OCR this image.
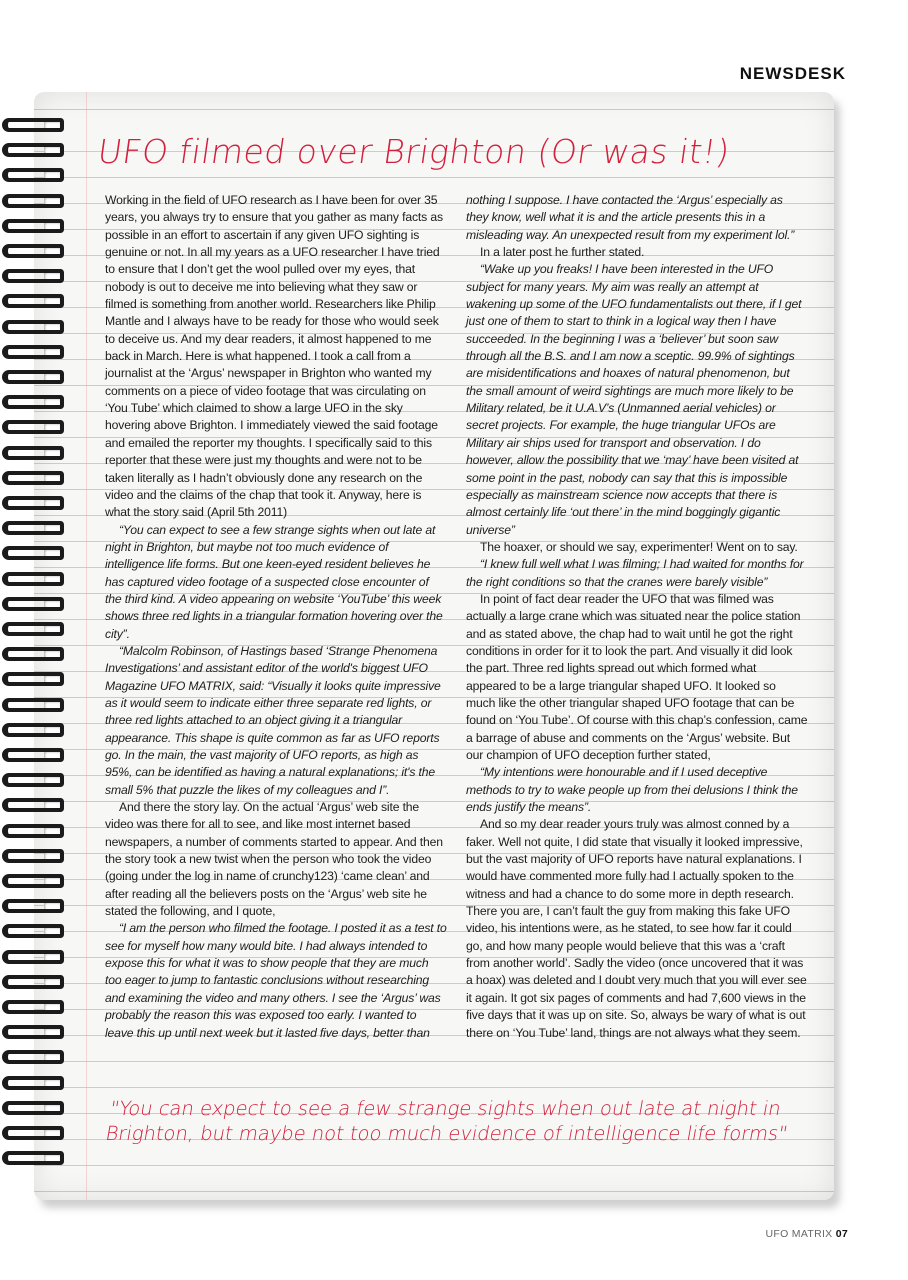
NEWSDESK
UFO filmed over Brighton (Or was it!)

Working in the field of UFO research as I have been for over 35 years, you always try to ensure that you gather as many facts as possible in an effort to ascertain if any given UFO sighting is genuine or not. In all my years as a UFO researcher I have tried to ensure that I don’t get the wool pulled over my eyes, that nobody is out to deceive me into believing what they saw or filmed is something from another world. Researchers like Philip Mantle and I always have to be ready for those who would seek to deceive us. And my dear readers, it almost happened to me back in March. Here is what happened. I took a call from a journalist at the ‘Argus’ newspaper in Brighton who wanted my comments on a piece of video footage that was circulating on ‘You Tube’ which claimed to show a large UFO in the sky hovering above Brighton. I immediately viewed the said footage and emailed the reporter my thoughts. I specifically said to this reporter that these were just my thoughts and were not to be taken literally as I hadn’t obviously done any research on the video and the claims of the chap that took it. Anyway, here is what the story said (April 5th 2011)

“You can expect to see a few strange sights when out late at night in Brighton, but maybe not too much evidence of intelligence life forms. But one keen-eyed resident believes he has captured video footage of a suspected close encounter of the third kind. A video appearing on website ‘YouTube’ this week shows three red lights in a triangular formation hovering over the city”.

“Malcolm Robinson, of Hastings based ‘Strange Phenomena Investigations’ and assistant editor of the world's biggest UFO Magazine UFO MATRIX, said: “Visually it looks quite impressive as it would seem to indicate either three separate red lights, or three red lights attached to an object giving it a triangular appearance. This shape is quite common as far as UFO reports go. In the main, the vast majority of UFO reports, as high as 95%, can be identified as having a natural explanations; it's the small 5% that puzzle the likes of my colleagues and I”.

And there the story lay. On the actual ‘Argus’ web site the video was there for all to see, and like most internet based newspapers, a number of comments started to appear. And then the story took a new twist when the person who took the video (going under the log in name of crunchy123) ‘came clean’ and after reading all the believers posts on the ‘Argus’ web site he stated the following, and I quote,

“I am the person who filmed the footage. I posted it as a test to see for myself how many would bite. I had always intended to expose this for what it was to show people that they are much too eager to jump to fantastic conclusions without researching and examining the video and many others. I see the ‘Argus’ was probably the reason this was exposed too early. I wanted to leave this up until next week but it lasted five days, better than

nothing I suppose. I have contacted the ‘Argus’ especially as they know, well what it is and the article presents this in a misleading way. An unexpected result from my experiment lol.”

In a later post he further stated.

“Wake up you freaks! I have been interested in the UFO subject for many years. My aim was really an attempt at wakening up some of the UFO fundamentalists out there, if I get just one of them to start to think in a logical way then I have succeeded. In the beginning I was a ‘believer’ but soon saw through all the B.S. and I am now a sceptic. 99.9% of sightings are misidentifications and hoaxes of natural phenomenon, but the small amount of weird sightings are much more likely to be Military related, be it U.A.V’s (Unmanned aerial vehicles) or secret projects. For example, the huge triangular UFOs are Military air ships used for transport and observation. I do however, allow the possibility that we ‘may’ have been visited at some point in the past, nobody can say that this is impossible especially as mainstream science now accepts that there is almost certainly life ‘out there’ in the mind boggingly gigantic universe”

The hoaxer, or should we say, experimenter! Went on to say.

“I knew full well what I was filming; I had waited for months for the right conditions so that the cranes were barely visible”

In point of fact dear reader the UFO that was filmed was actually a large crane which was situated near the police station and as stated above, the chap had to wait until he got the right conditions in order for it to look the part. And visually it did look the part. Three red lights spread out which formed what appeared to be a large triangular shaped UFO. It looked so much like the other triangular shaped UFO footage that can be found on ‘You Tube’. Of course with this chap’s confession, came a barrage of abuse and comments on the ‘Argus’ website. But our champion of UFO deception further stated,

“My intentions were honourable and if I used deceptive methods to try to wake people up from thei delusions I think the ends justify the means”.

And so my dear reader yours truly was almost conned by a faker. Well not quite, I did state that visually it looked impressive, but the vast majority of UFO reports have natural explanations. I would have commented more fully had I actually spoken to the witness and had a chance to do some more in depth research. There you are, I can’t fault the guy from making this fake UFO video, his intentions were, as he stated, to see how far it could go, and how many people would believe that this was a ‘craft from another world’. Sadly the video (once uncovered that it was a hoax) was deleted and I doubt very much that you will ever see it again. It got six pages of comments and had 7,600 views in the five days that it was up on site. So, always be wary of what is out there on ‘You Tube’ land, things are not always what they seem.

"You can expect to see a few strange sights when out late at night in Brighton, but maybe not too much evidence of intelligence life forms"
UFO MATRIX 07
